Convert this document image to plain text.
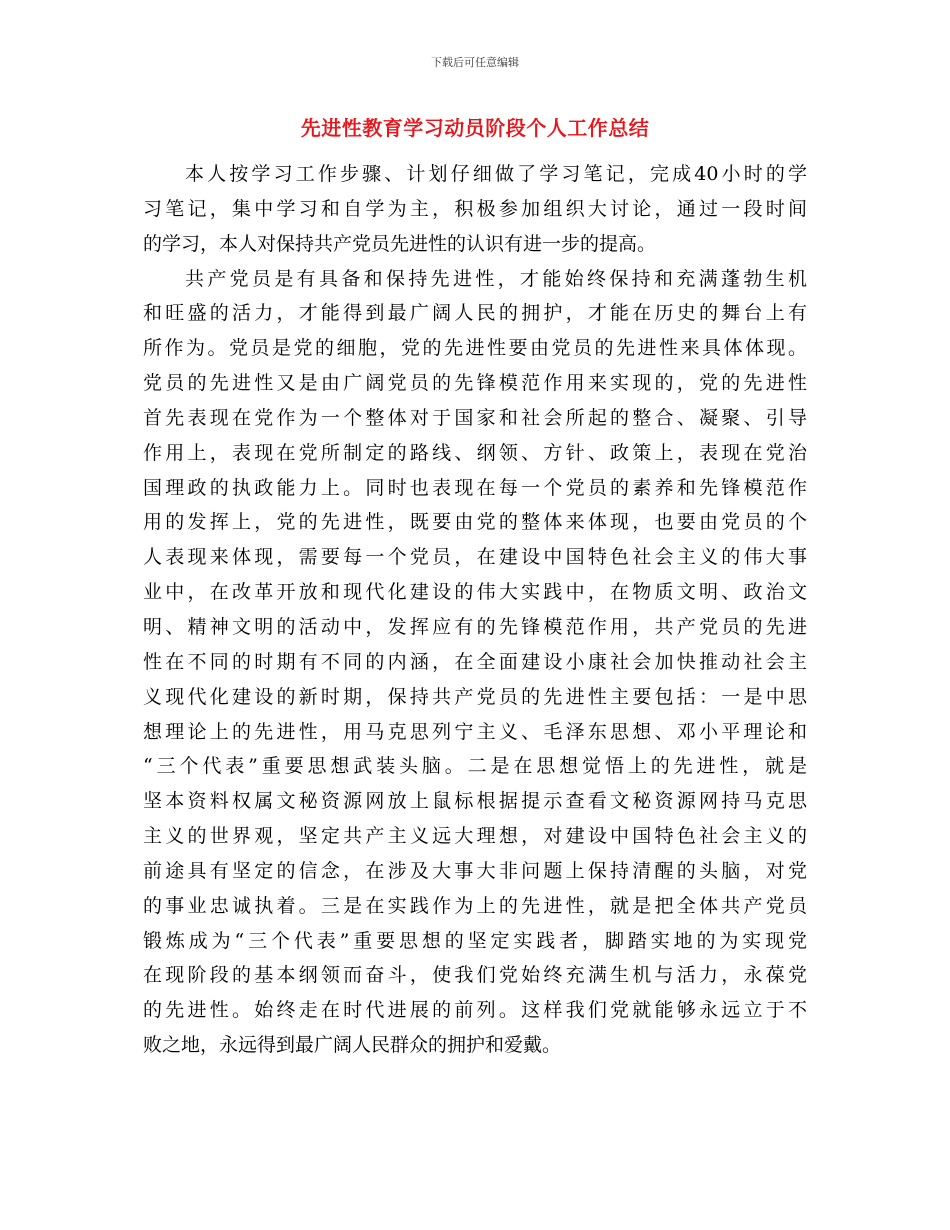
下载后可任意编辑
先进性教育学习动员阶段个人工作总结
本人按学习工作步骤、计划仔细做了学习笔记，完成40小时的学
习笔记，集中学习和自学为主，积极参加组织大讨论，通过一段时间
的学习，本人对保持共产党员先进性的认识有进一步的提高。
共产党员是有具备和保持先进性，才能始终保持和充满蓬勃生机
和旺盛的活力，才能得到最广阔人民的拥护，才能在历史的舞台上有
所作为。党员是党的细胞，党的先进性要由党员的先进性来具体体现。
党员的先进性又是由广阔党员的先锋模范作用来实现的，党的先进性
首先表现在党作为一个整体对于国家和社会所起的整合、凝聚、引导
作用上，表现在党所制定的路线、纲领、方针、政策上，表现在党治
国理政的执政能力上。同时也表现在每一个党员的素养和先锋模范作
用的发挥上，党的先进性，既要由党的整体来体现，也要由党员的个
人表现来体现，需要每一个党员，在建设中国特色社会主义的伟大事
业中，在改革开放和现代化建设的伟大实践中，在物质文明、政治文
明、精神文明的活动中，发挥应有的先锋模范作用，共产党员的先进
性在不同的时期有不同的内涵，在全面建设小康社会加快推动社会主
义现代化建设的新时期，保持共产党员的先进性主要包括：一是中思
想理论上的先进性，用马克思列宁主义、毛泽东思想、邓小平理论和
“三个代表”重要思想武装头脑。二是在思想觉悟上的先进性，就是
坚本资料权属文秘资源网放上鼠标根据提示查看文秘资源网持马克思
主义的世界观，坚定共产主义远大理想，对建设中国特色社会主义的
前途具有坚定的信念，在涉及大事大非问题上保持清醒的头脑，对党
的事业忠诚执着。三是在实践作为上的先进性，就是把全体共产党员
锻炼成为“三个代表”重要思想的坚定实践者，脚踏实地的为实现党
在现阶段的基本纲领而奋斗，使我们党始终充满生机与活力，永葆党
的先进性。始终走在时代进展的前列。这样我们党就能够永远立于不
败之地，永远得到最广阔人民群众的拥护和爱戴。
